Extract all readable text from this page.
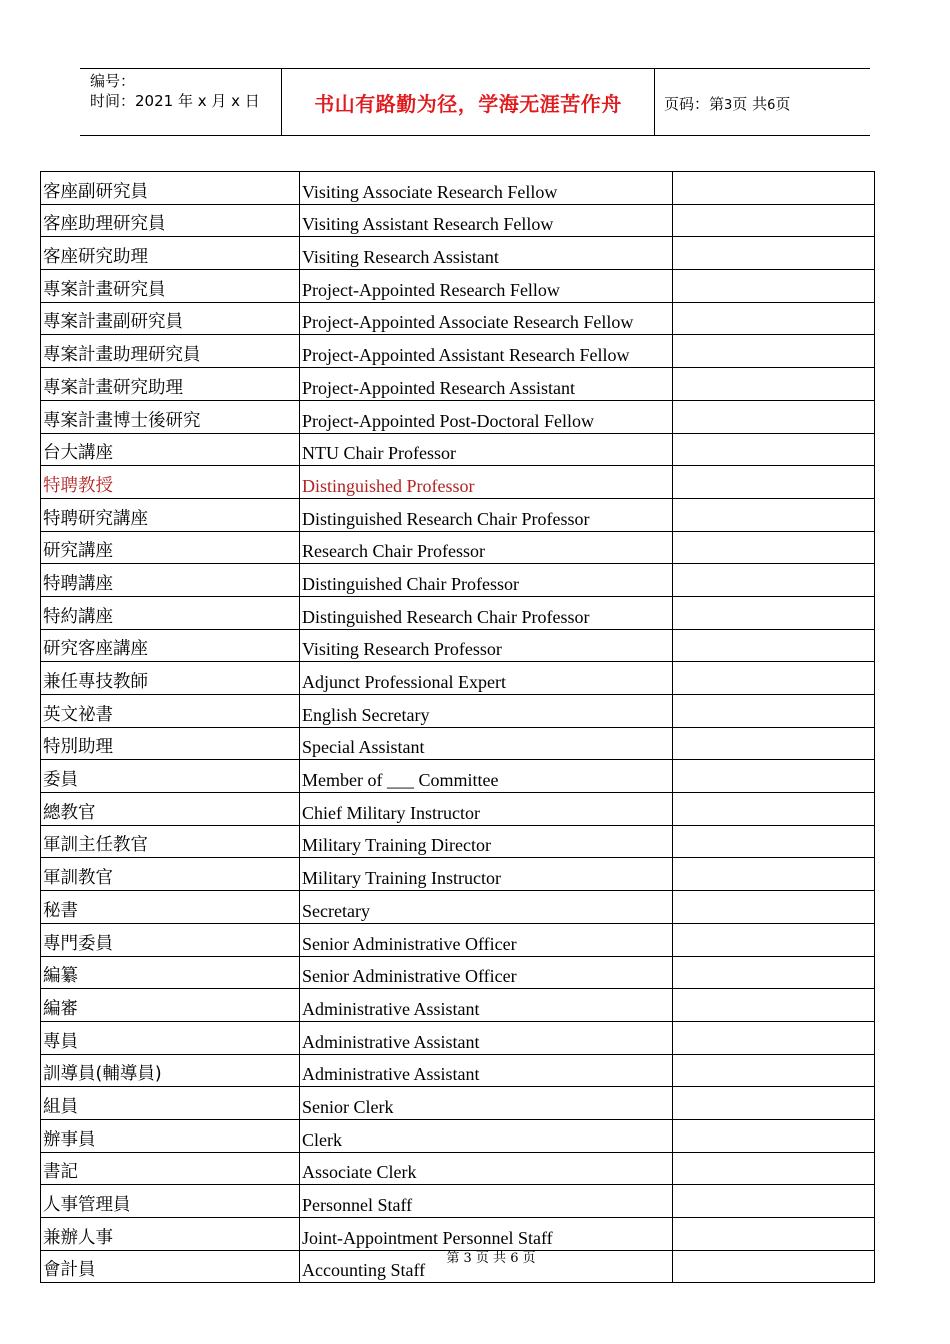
编号：
时间：2021 年 x 月 x 日	书山有路勤为径，学海无涯苦作舟	页码：第3页 共6页
客座副研究員	Visiting Associate Research Fellow	
客座助理研究員	Visiting Assistant Research Fellow	
客座研究助理	Visiting Research Assistant	
專案計畫研究員	Project-Appointed Research Fellow	
專案計畫副研究員	Project-Appointed Associate Research Fellow	
專案計畫助理研究員	Project-Appointed Assistant Research Fellow	
專案計畫研究助理	Project-Appointed Research Assistant	
專案計畫博士後研究	Project-Appointed Post-Doctoral Fellow	
台大講座	NTU Chair Professor	
特聘教授	Distinguished Professor	
特聘研究講座	Distinguished Research Chair Professor	
研究講座	Research Chair Professor	
特聘講座	Distinguished Chair Professor	
特約講座	Distinguished Research Chair Professor	
研究客座講座	Visiting Research Professor	
兼任專技教師	Adjunct Professional Expert	
英文祕書	English Secretary	
特別助理	Special Assistant	
委員	Member of ___ Committee	
總教官	Chief Military Instructor	
軍訓主任教官	Military Training Director	
軍訓教官	Military Training Instructor	
秘書	Secretary	
專門委員	Senior Administrative Officer	
編纂	Senior Administrative Officer	
編審	Administrative Assistant	
專員	Administrative Assistant	
訓導員(輔導員)	Administrative Assistant	
組員	Senior Clerk	
辦事員	Clerk	
書記	Associate Clerk	
人事管理員	Personnel Staff	
兼辦人事	Joint-Appointment Personnel Staff	
會計員	Accounting Staff	
第 3 页 共 6 页
